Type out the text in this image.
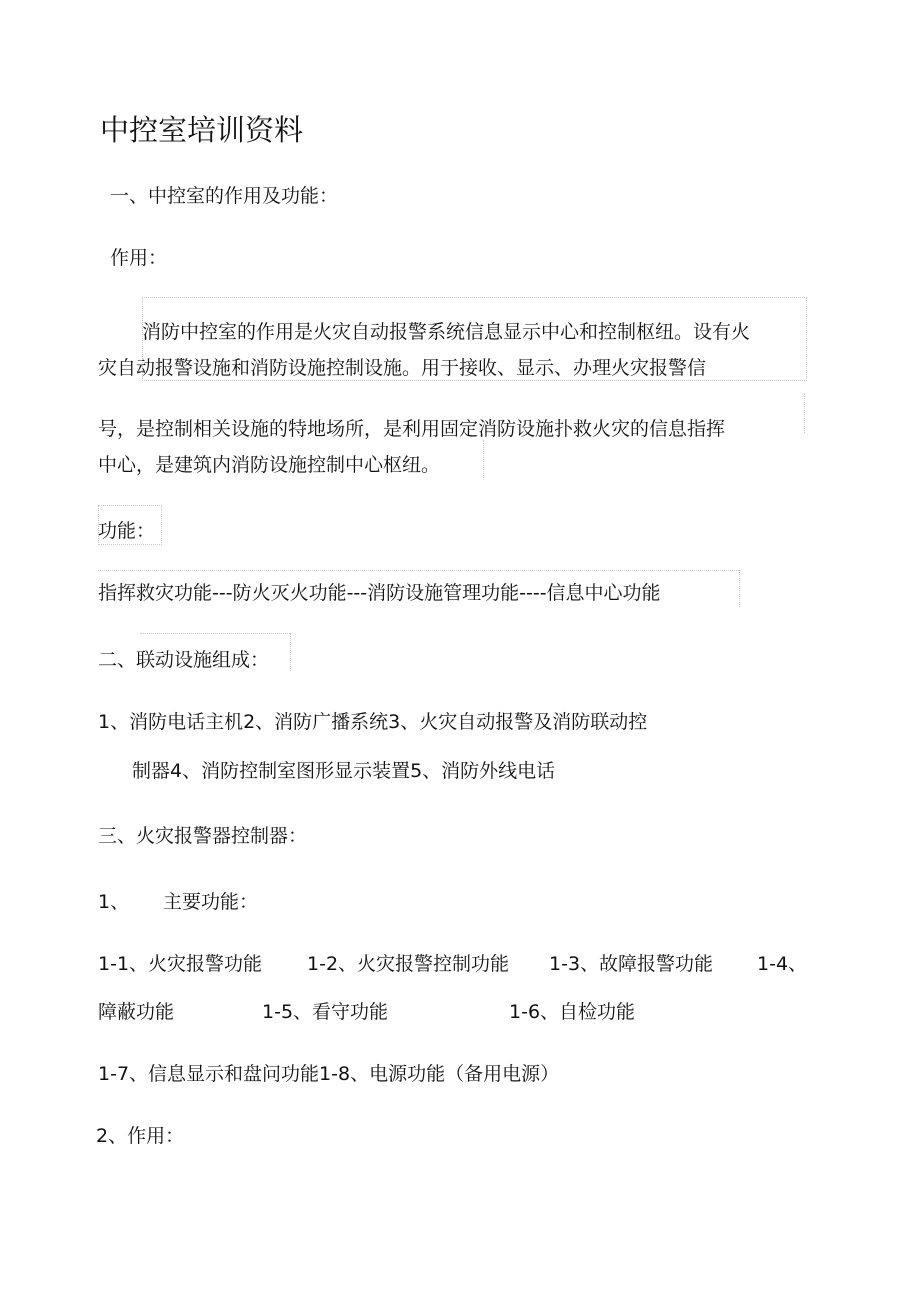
中控室培训资料
一、中控室的作用及功能：
作用：
消防中控室的作用是火灾自动报警系统信息显示中心和控制枢纽。设有火
灾自动报警设施和消防设施控制设施。用于接收、显示、办理火灾报警信
号，是控制相关设施的特地场所，是利用固定消防设施扑救火灾的信息指挥
中心，是建筑内消防设施控制中心枢纽。
功能：
指挥救灾功能---防火灭火功能---消防设施管理功能----信息中心功能
二、联动设施组成：
1、消防电话主机2、消防广播系统3、火灾自动报警及消防联动控
制器4、消防控制室图形显示装置5、消防外线电话
三、火灾报警器控制器：
1、 主要功能：
1-1、火灾报警功能 1-2、火灾报警控制功能 1-3、故障报警功能 1-4、
障蔽功能	1-5、看守功能	1-6、自检功能
1-7、信息显示和盘问功能1-8、电源功能（备用电源）
2、作用：
